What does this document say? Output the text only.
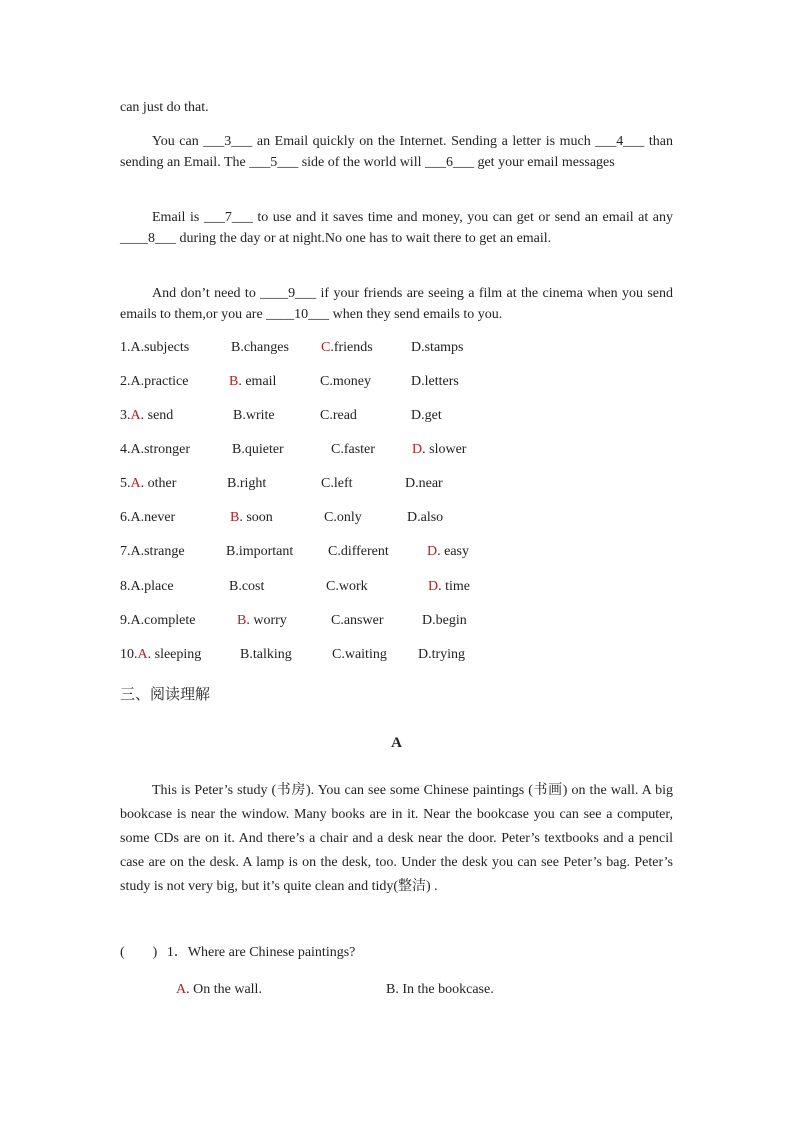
can just do that.
You can ___3___ an Email quickly on the Internet. Sending a letter is much ___4___ than sending an Email. The ___5___ side of the world will ___6___ get your email messages
Email is ___7___ to use and it saves time and money, you can get or send an email at any ____8___ during the day or at night.No one has to wait there to get an email.
And don’t need to ____9___ if your friends are seeing a film at the cinema when you send emails to them,or you are ____10___ when they send emails to you.
1.A.subjects	B.changes C.friends	D.stamps
2.A.practice	B. email	C.money	D.letters
3.A. send	B.write	C.read	D.get
4.A.stronger	B.quieter	C.faster	D. slower
5.A. other	B.right	C.left	D.near
6.A.never	B. soon	C.only	D.also
7.A.strange	B.important C.different	D. easy
8.A.place	B.cost	C.work	D. time
9.A.complete	B. worry	C.answer	D.begin
10.A. sleeping	B.talking	C.waiting D.trying
三、阅读理解
A
This is Peter’s study (书房). You can see some Chinese paintings (书画) on the wall. A big bookcase is near the window. Many books are in it. Near the bookcase you can see a computer, some CDs are on it. And there’s a chair and a desk near the door. Peter’s textbooks and a pencil case are on the desk. A lamp is on the desk, too. Under the desk you can see Peter’s bag. Peter’s study is not very big, but it’s quite clean and tidy(整洁) .
(　　) 1．Where are Chinese paintings?
A. On the wall.	B. In the bookcase.
